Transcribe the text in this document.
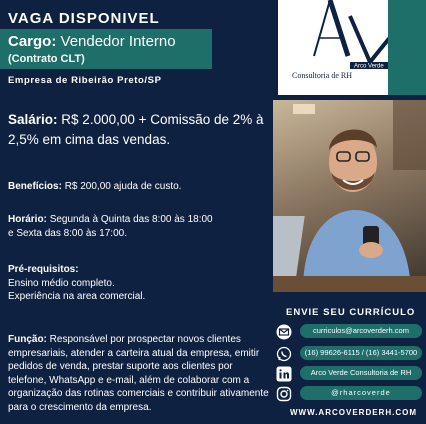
VAGA DISPONIVEL
Cargo: Vendedor Interno
(Contrato CLT)
Empresa de Ribeirão Preto/SP
Arco Verde
Consultoria de RH
Salário: R$ 2.000,00 + Comissão de 2% à 2,5% em cima das vendas.
Benefícios: R$ 200,00 ajuda de custo.
Horário: Segunda à Quinta das 8:00 às 18:00 e Sexta das 8:00 às 17:00.
Pré-requisitos:
Ensino médio completo.
Experiência na area comercial.
Função: Responsável por prospectar novos clientes empresariais, atender a carteira atual da empresa, emitir pedidos de venda, prestar suporte aos clientes por telefone, WhatsApp e e-mail, além de colaborar com a organização das rotinas comerciais e contribuir ativamente para o crescimento da empresa.
ENVIE SEU CURRÍCULO
curriculos@arcoverderh.com
(16) 99626-6115 / (16) 3441-5700
Arco Verde Consultoria de RH
@rharcoverde
WWW.ARCOVERDERH.COM
